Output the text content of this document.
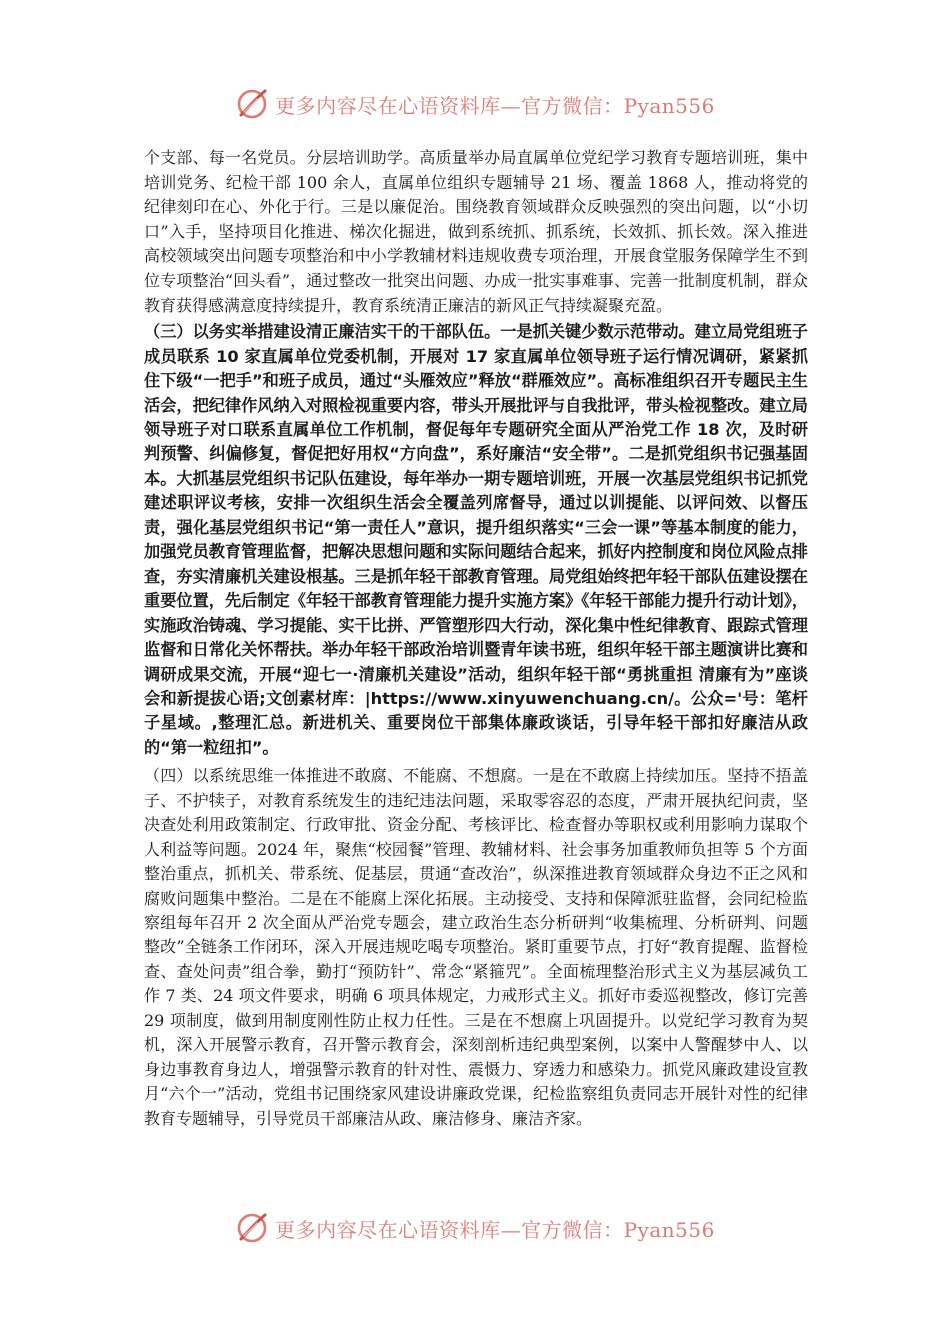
更多内容尽在心语资料库—官方微信：Pyan556

个支部、每一名党员。分层培训助学。高质量举办局直属单位党纪学习教育专题培训班，集中培训党务、纪检干部 100 余人，直属单位组织专题辅导 21 场、覆盖 1868 人，推动将党的纪律刻印在心、外化于行。三是以廉促治。围绕教育领域群众反映强烈的突出问题，以“小切口”入手，坚持项目化推进、梯次化掘进，做到系统抓、抓系统，长效抓、抓长效。深入推进高校领域突出问题专项整治和中小学教辅材料违规收费专项治理，开展食堂服务保障学生不到位专项整治“回头看”，通过整改一批突出问题、办成一批实事难事、完善一批制度机制，群众教育获得感满意度持续提升，教育系统清正廉洁的新风正气持续凝聚充盈。

（三）以务实举措建设清正廉洁实干的干部队伍。一是抓关键少数示范带动。建立局党组班子成员联系 10 家直属单位党委机制，开展对 17 家直属单位领导班子运行情况调研，紧紧抓住下级“一把手”和班子成员，通过“头雁效应”释放“群雁效应”。高标准组织召开专题民主生活会，把纪律作风纳入对照检视重要内容，带头开展批评与自我批评，带头检视整改。建立局领导班子对口联系直属单位工作机制，督促每年专题研究全面从严治党工作 18 次，及时研判预警、纠偏修复，督促把好用权“方向盘”，系好廉洁“安全带”。二是抓党组织书记强基固本。大抓基层党组织书记队伍建设，每年举办一期专题培训班，开展一次基层党组织书记抓党建述职评议考核，安排一次组织生活会全覆盖列席督导，通过以训提能、以评问效、以督压责，强化基层党组织书记“第一责任人”意识，提升组织落实“三会一课”等基本制度的能力，加强党员教育管理监督，把解决思想问题和实际问题结合起来，抓好内控制度和岗位风险点排查，夯实清廉机关建设根基。三是抓年轻干部教育管理。局党组始终把年轻干部队伍建设摆在重要位置，先后制定《年轻干部教育管理能力提升实施方案》《年轻干部能力提升行动计划》，实施政治铸魂、学习提能、实干比拼、严管塑形四大行动，深化集中性纪律教育、跟踪式管理监督和日常化关怀帮扶。举办年轻干部政治培训暨青年读书班，组织年轻干部主题演讲比赛和调研成果交流，开展“迎七一·清廉机关建设”活动，组织年轻干部“勇挑重担 清廉有为”座谈会和新提拔心语;文创素材库：|https://www.xinyuwenchuang.cn/。公众='号：笔杆子星域。,整理汇总。新进机关、重要岗位干部集体廉政谈话，引导年轻干部扣好廉洁从政的“第一粒纽扣”。

（四）以系统思维一体推进不敢腐、不能腐、不想腐。一是在不敢腐上持续加压。坚持不捂盖子、不护犊子，对教育系统发生的违纪违法问题，采取零容忍的态度，严肃开展执纪问责，坚决查处利用政策制定、行政审批、资金分配、考核评比、检查督办等职权或利用影响力谋取个人利益等问题。2024 年，聚焦“校园餐”管理、教辅材料、社会事务加重教师负担等 5 个方面整治重点，抓机关、带系统、促基层，贯通“查改治”，纵深推进教育领域群众身边不正之风和腐败问题集中整治。二是在不能腐上深化拓展。主动接受、支持和保障派驻监督，会同纪检监察组每年召开 2 次全面从严治党专题会，建立政治生态分析研判“收集梳理、分析研判、问题整改”全链条工作闭环，深入开展违规吃喝专项整治。紧盯重要节点，打好“教育提醒、监督检查、查处问责”组合拳，勤打“预防针”、常念“紧箍咒”。全面梳理整治形式主义为基层减负工作 7 类、24 项文件要求，明确 6 项具体规定，力戒形式主义。抓好市委巡视整改，修订完善 29 项制度，做到用制度刚性防止权力任性。三是在不想腐上巩固提升。以党纪学习教育为契机，深入开展警示教育，召开警示教育会，深刻剖析违纪典型案例，以案中人警醒梦中人、以身边事教育身边人，增强警示教育的针对性、震慑力、穿透力和感染力。抓党风廉政建设宣教月“六个一”活动，党组书记围绕家风建设讲廉政党课，纪检监察组负责同志开展针对性的纪律教育专题辅导，引导党员干部廉洁从政、廉洁修身、廉洁齐家。

更多内容尽在心语资料库—官方微信：Pyan556
